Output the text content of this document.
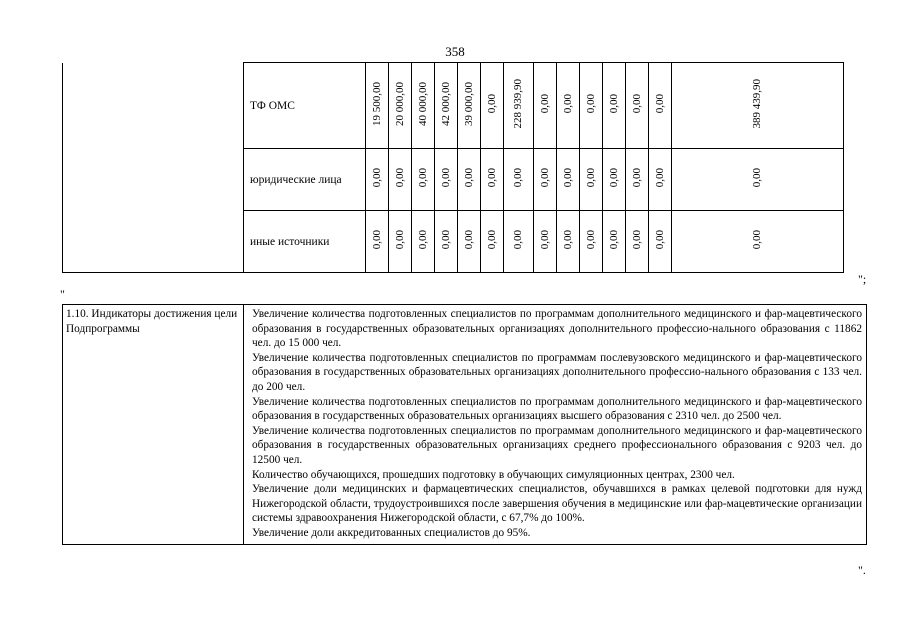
358
	ТФ ОМС	19 500,00	20 000,00	40 000,00	42 000,00	39 000,00	0,00	228 939,90	0,00	0,00	0,00	0,00	0,00	0,00	389 439,90
	юридические лица	0,00	0,00	0,00	0,00	0,00	0,00	0,00	0,00	0,00	0,00	0,00	0,00	0,00	0,00
	иные источники	0,00	0,00	0,00	0,00	0,00	0,00	0,00	0,00	0,00	0,00	0,00	0,00	0,00	0,00
";
"
1.10. Индикаторы достижения цели Подпрограммы	

Увеличение количества подготовленных специалистов по программам дополнительного медицинского и фар-мацевтического образования в государственных образовательных организациях дополнительного профессио-нального образования с 11862 чел. до 15 000 чел.

Увеличение количества подготовленных специалистов по программам послевузовского медицинского и фар-мацевтического образования в государственных образовательных организациях дополнительного профессио-нального образования с 133 чел. до 200 чел.

Увеличение количества подготовленных специалистов по программам дополнительного медицинского и фар-мацевтического образования в государственных образовательных организациях высшего образования с 2310 чел. до 2500 чел.

Увеличение количества подготовленных специалистов по программам дополнительного медицинского и фар-мацевтического образования в государственных образовательных организациях среднего профессионального образования с 9203 чел. до 12500 чел.

Количество обучающихся, прошедших подготовку в обучающих симуляционных центрах, 2300 чел.

Увеличение доли медицинских и фармацевтических специалистов, обучавшихся в рамках целевой подготовки для нужд Нижегородской области, трудоустроившихся после завершения обучения в медицинские или фар-мацевтические организации системы здравоохранения Нижегородской области, с 67,7% до 100%.

Увеличение доли аккредитованных специалистов до 95%.

".
